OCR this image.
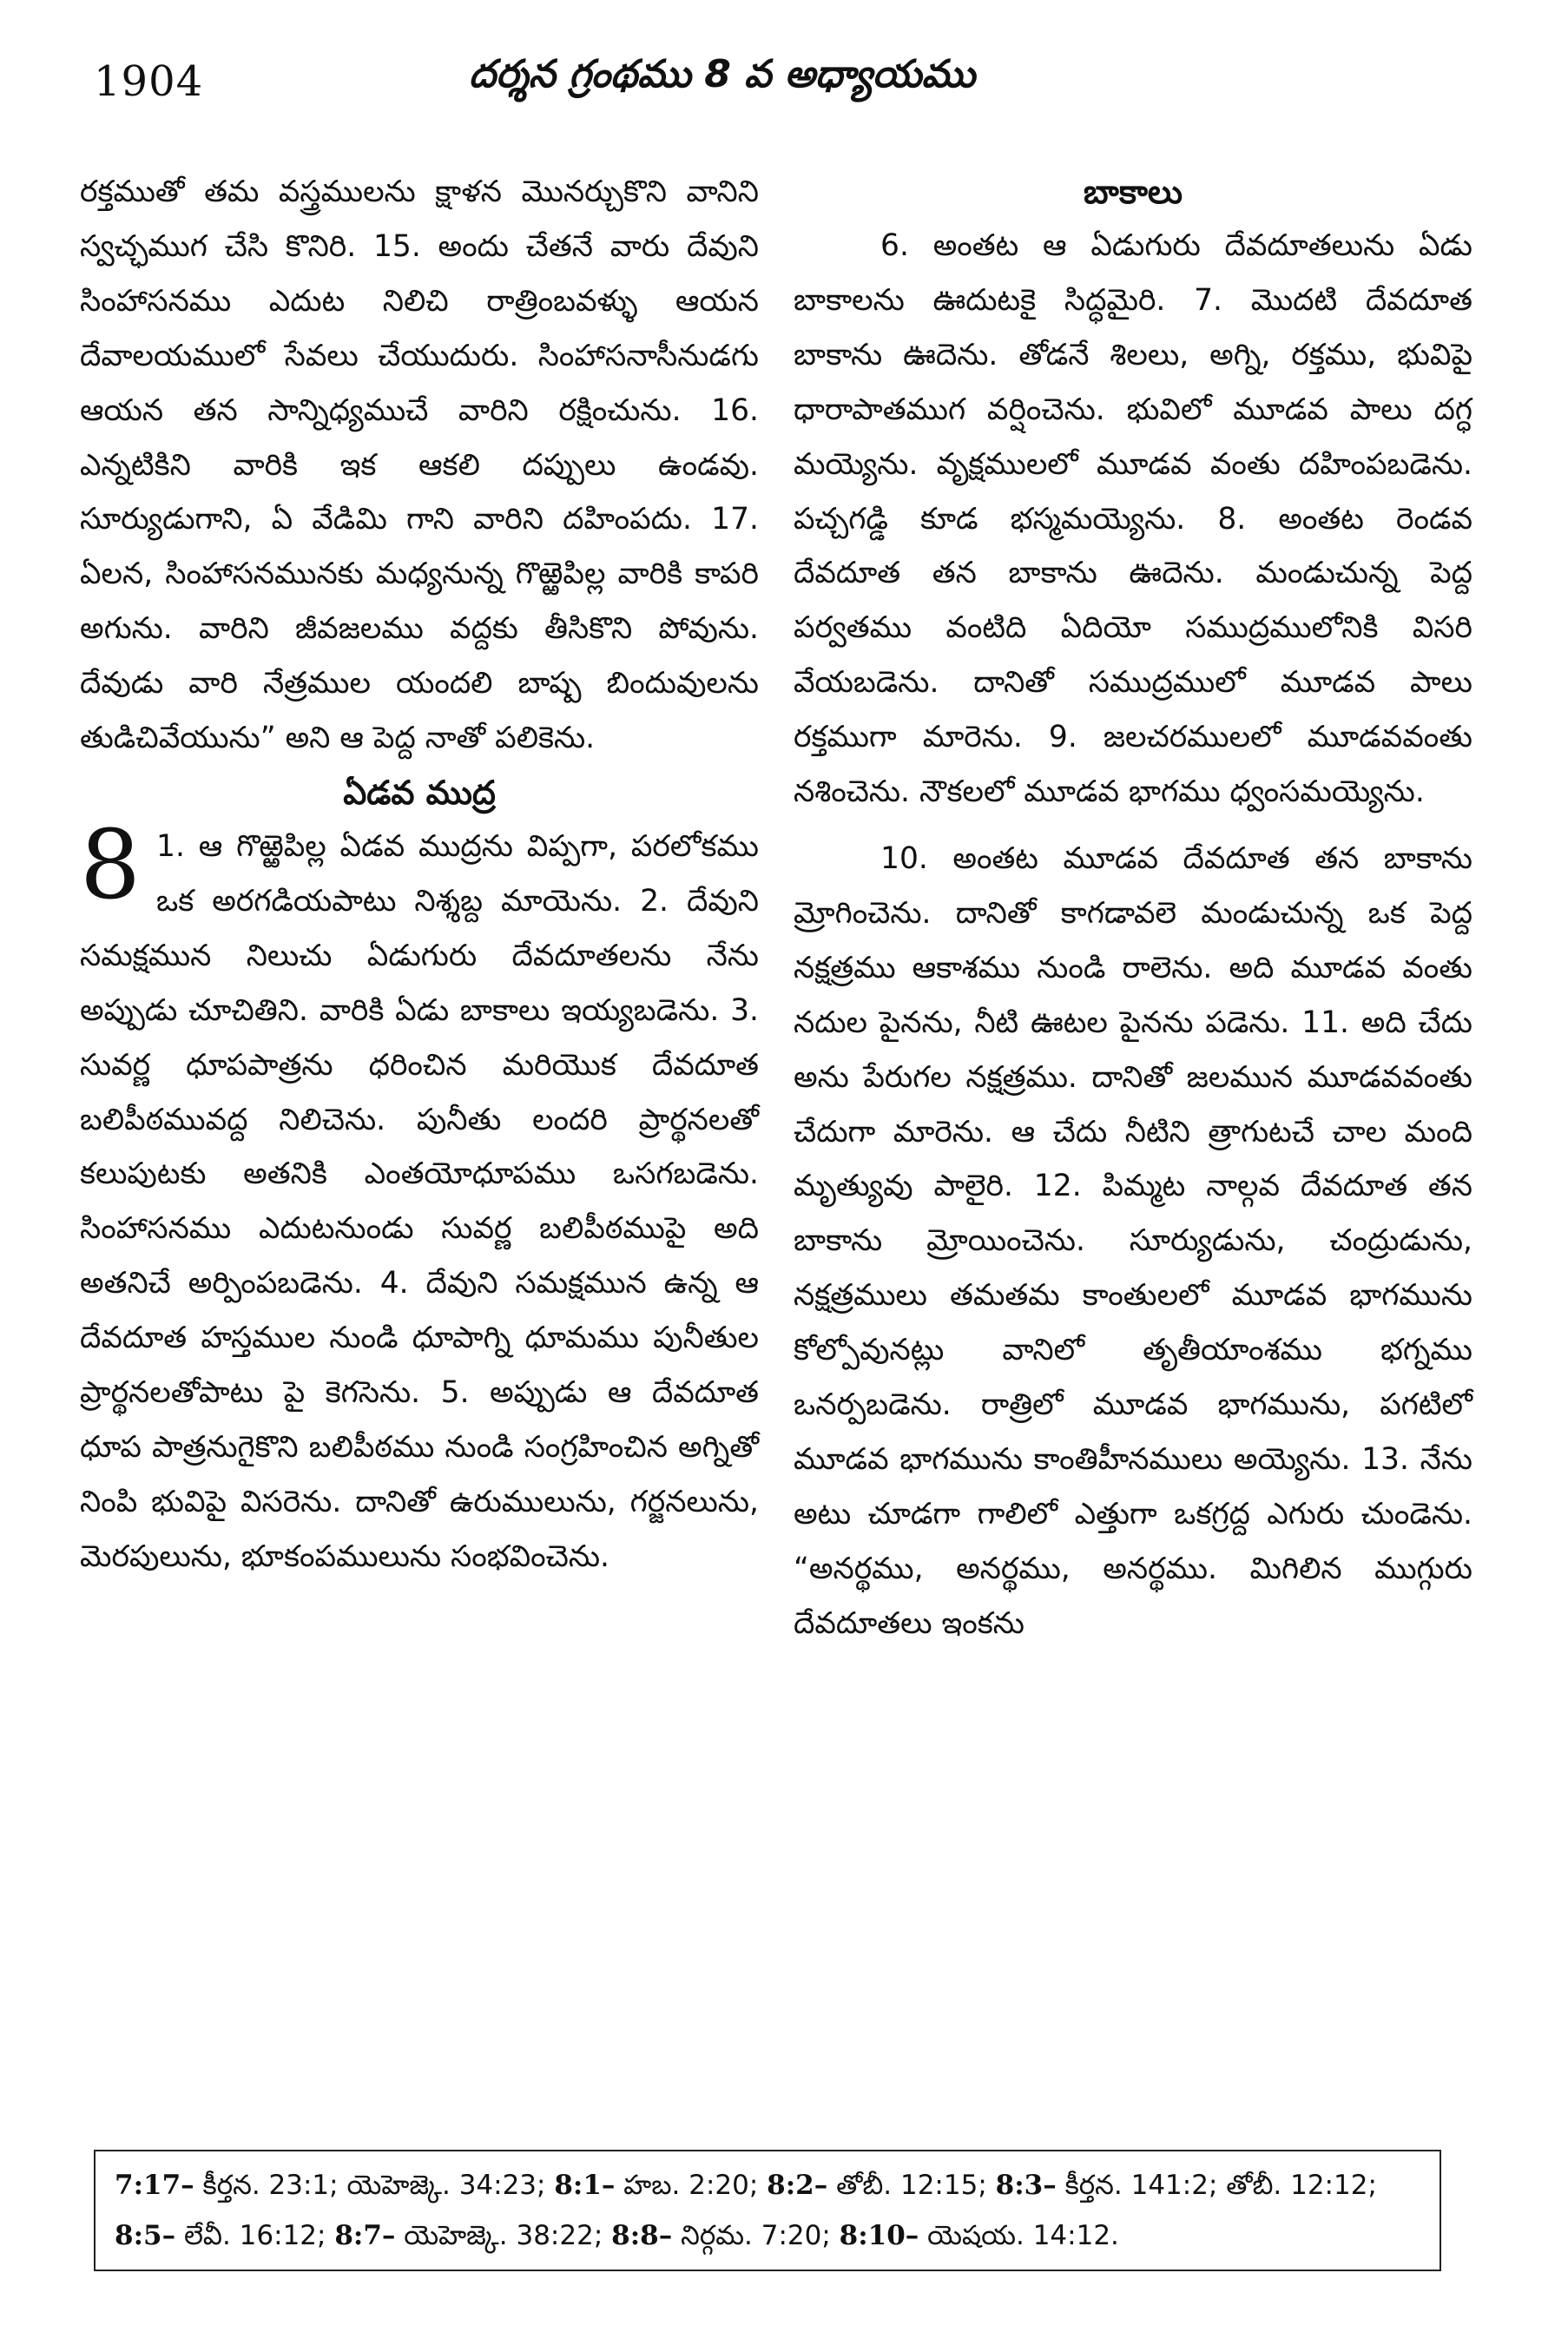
1904	దర్శన గ్రంథము 8 వ అధ్యాయము

రక్తముతో తమ వస్త్రములను క్షాళన మొనర్చుకొని వానిని స్వచ్ఛముగ చేసి కొనిరి. 15. అందు చేతనే వారు దేవుని సింహాసనము ఎదుట నిలిచి రాత్రింబవళ్ళు ఆయన దేవాలయములో సేవలు చేయుదురు. సింహాసనాసీనుడగు ఆయన తన సాన్నిధ్యముచే వారిని రక్షించును. 16. ఎన్నటికిని వారికి ఇక ఆకలి దప్పులు ఉండవు. సూర్యుడుగాని, ఏ వేడిమి గాని వారిని దహింపదు. 17. ఏలన, సింహాసనమునకు మధ్యనున్న గొఱ్ఱెపిల్ల వారికి కాపరి అగును. వారిని జీవజలము వద్దకు తీసికొని పోవును. దేవుడు వారి నేత్రముల యందలి బాష్ప బిందువులను తుడిచివేయును” అని ఆ పెద్ద నాతో పలికెను.

ఏడవ ముద్ర
8 1. ఆ గొఱ్ఱెపిల్ల ఏడవ ముద్రను విప్పగా, పరలోకము ఒక అరగడియపాటు నిశ్శబ్ద మాయెను. 2. దేవుని సమక్షమున నిలుచు ఏడుగురు దేవదూతలను నేను అప్పుడు చూచితిని. వారికి ఏడు బాకాలు ఇయ్యబడెను. 3. సువర్ణ ధూపపాత్రను ధరించిన మరియొక దేవదూత బలిపీఠమువద్ద నిలిచెను. పునీతు లందరి ప్రార్థనలతో కలుపుటకు అతనికి ఎంతయోధూపము ఒసగబడెను. సింహాసనము ఎదుటనుండు సువర్ణ బలిపీఠముపై అది అతనిచే అర్పింపబడెను. 4. దేవుని సమక్షమున ఉన్న ఆ దేవదూత హస్తముల నుండి ధూపాగ్ని ధూమము పునీతుల ప్రార్థనలతోపాటు పై కెగసెను. 5. అప్పుడు ఆ దేవదూత ధూప పాత్రనుగైకొని బలిపీఠము నుండి సంగ్రహించిన అగ్నితో నింపి భువిపై విసరెను. దానితో ఉరుములును, గర్జనలును, మెరపులును, భూకంపములును సంభవించెను.

బాకాలు

6. అంతట ఆ ఏడుగురు దేవదూతలును ఏడు బాకాలను ఊదుటకై సిద్ధమైరి. 7. మొదటి దేవదూత బాకాను ఊదెను. తోడనే శిలలు, అగ్ని, రక్తము, భువిపై ధారాపాతముగ వర్షించెను. భువిలో మూడవ పాలు దగ్ధ మయ్యెను. వృక్షములలో మూడవ వంతు దహింపబడెను. పచ్చగడ్డి కూడ భస్మమయ్యెను. 8. అంతట రెండవ దేవదూత తన బాకాను ఊదెను. మండుచున్న పెద్ద పర్వతము వంటిది ఏదియో సముద్రములోనికి విసరి వేయబడెను. దానితో సముద్రములో మూడవ పాలు రక్తముగా మారెను. 9. జలచరములలో మూడవవంతు నశించెను. నౌకలలో మూడవ భాగము ధ్వంసమయ్యెను.

10. అంతట మూడవ దేవదూత తన బాకాను మ్రోగించెను. దానితో కాగడావలె మండుచున్న ఒక పెద్ద నక్షత్రము ఆకాశము నుండి రాలెను. అది మూడవ వంతు నదుల పైనను, నీటి ఊటల పైనను పడెను. 11. అది చేదు అను పేరుగల నక్షత్రము. దానితో జలమున మూడవవంతు చేదుగా మారెను. ఆ చేదు నీటిని త్రాగుటచే చాల మంది మృత్యువు పాలైరి. 12. పిమ్మట నాల్గవ దేవదూత తన బాకాను మ్రోయించెను. సూర్యుడును, చంద్రుడును, నక్షత్రములు తమతమ కాంతులలో మూడవ భాగమును కోల్పోవునట్లు వానిలో తృతీయాంశము భగ్నము ఒనర్పబడెను. రాత్రిలో మూడవ భాగమును, పగటిలో మూడవ భాగమును కాంతిహీనములు అయ్యెను. 13. నేను అటు చూడగా గాలిలో ఎత్తుగా ఒకగ్రద్ద ఎగురు చుండెను. “అనర్థము, అనర్థము, అనర్థము. మిగిలిన ముగ్గురు దేవదూతలు ఇంకను

7:17– కీర్తన. 23:1; యెహెజ్కె. 34:23; 8:1– హబ. 2:20; 8:2– తోబీ. 12:15; 8:3– కీర్తన. 141:2; తోబీ. 12:12; 8:5– లేవీ. 16:12; 8:7– యెహెజ్కె. 38:22; 8:8– నిర్గమ. 7:20; 8:10– యెషయ. 14:12.
